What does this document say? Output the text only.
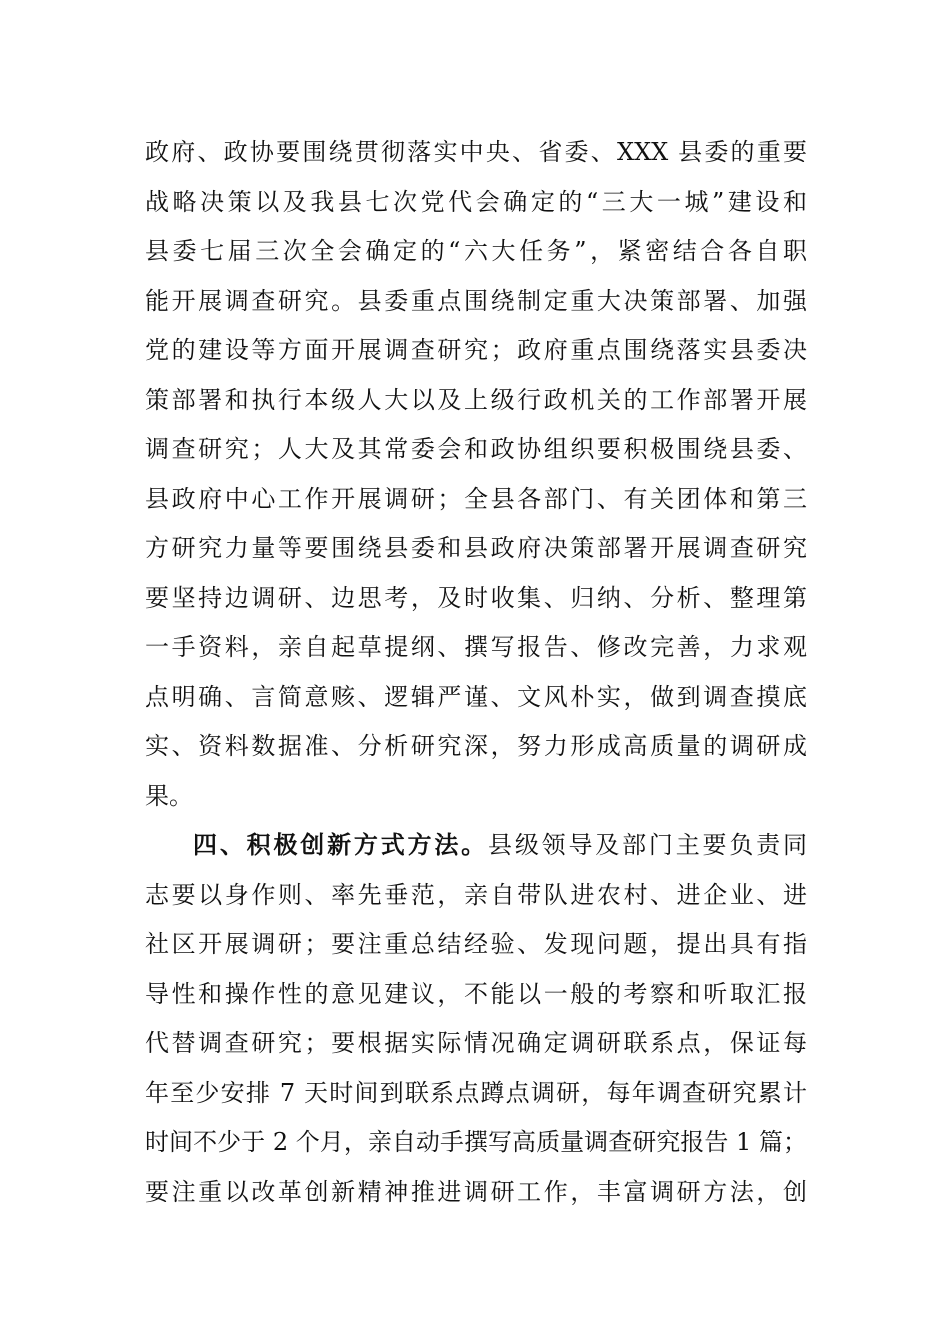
政府、政协要围绕贯彻落实中央、省委、XXX 县委的重要
战略决策以及我县七次党代会确定的“三大一城”建设和
县委七届三次全会确定的“六大任务”，紧密结合各自职
能开展调查研究。县委重点围绕制定重大决策部署、加强
党的建设等方面开展调查研究；政府重点围绕落实县委决
策部署和执行本级人大以及上级行政机关的工作部署开展
调查研究；人大及其常委会和政协组织要积极围绕县委、
县政府中心工作开展调研；全县各部门、有关团体和第三
方研究力量等要围绕县委和县政府决策部署开展调查研究
要坚持边调研、边思考，及时收集、归纳、分析、整理第
一手资料，亲自起草提纲、撰写报告、修改完善，力求观
点明确、言简意赅、逻辑严谨、文风朴实，做到调查摸底
实、资料数据准、分析研究深，努力形成高质量的调研成
果。
四、积极创新方式方法。县级领导及部门主要负责同
志要以身作则、率先垂范，亲自带队进农村、进企业、进
社区开展调研；要注重总结经验、发现问题，提出具有指
导性和操作性的意见建议，不能以一般的考察和听取汇报
代替调查研究；要根据实际情况确定调研联系点，保证每
年至少安排 7 天时间到联系点蹲点调研，每年调查研究累计
时间不少于 2 个月，亲自动手撰写高质量调查研究报告 1 篇；
要注重以改革创新精神推进调研工作，丰富调研方法，创
